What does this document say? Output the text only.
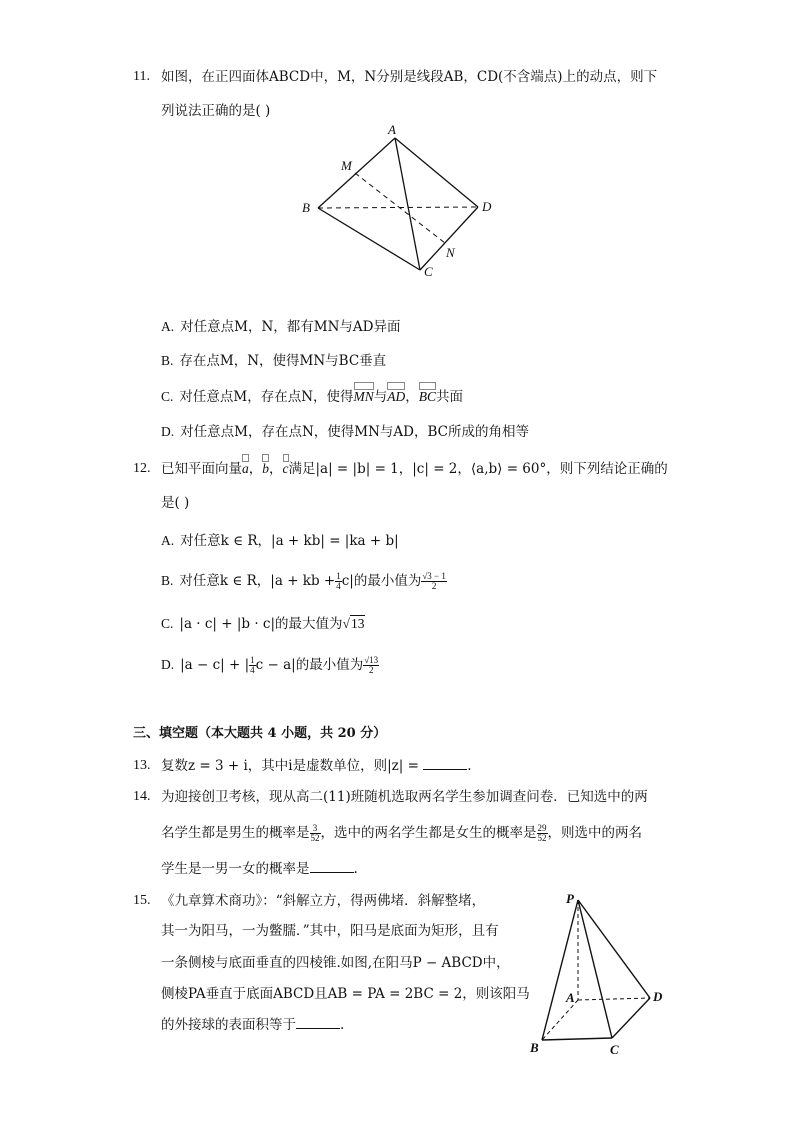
11. 如图，在正四面体ABCD中，M，N分别是线段AB，CD(不含端点)上的动点，则下
列说法正确的是( )
A
M
B	D
N
C
A. 对任意点M，N，都有MN与AD异面
B. 存在点M，N，使得MN与BC垂直
C. 对任意点M，存在点N，使得MN与AD，BC共面
D. 对任意点M，存在点N，使得MN与AD，BC所成的角相等
12. 已知平面向量a，b，c满足|a| = |b| = 1，|c| = 2，⟨a,b⟩ = 60°，则下列结论正确的
是( )
A. 对任意k ∈ R，|a + kb| = |ka + b|
B. 对任意k ∈ R，|a + kb + $\frac{1}{4} c|$的最小值为 $\frac{√3 - 1}{2}$
C. |a · c| + |b · c|的最大值为√13
D. |a − c| + | $\frac{1}{4}$ c − a|的最小值为 $\frac{√13}{2}$
三、填空题（本大题共 4 小题，共 20 分）
13. 复数z = 3 + i，其中i是虚数单位，则|z| =	.
14. 为迎接创卫考核，现从高二(11)班随机选取两名学生参加调查问卷．已知选中的两
名学生都是男生的概率是 $\frac{3}{52}$ ，选中的两名学生都是女生的概率是 $\frac{29}{52}$ ，则选中的两名
学生是一男一女的概率是	.
15. 《九章算术商功》：“斜解立方，得两佛堵．斜解整堵，
其一为阳马，一为鳖臑．”其中，阳马是底面为矩形，且有
一条侧棱与底面垂直的四棱锥.如图,在阳马P − ABCD中，
侧棱PA垂直于底面ABCD且AB = PA = 2BC = 2，则该阳马
的外接球的表面积等于	.
P
A	D
B	C
